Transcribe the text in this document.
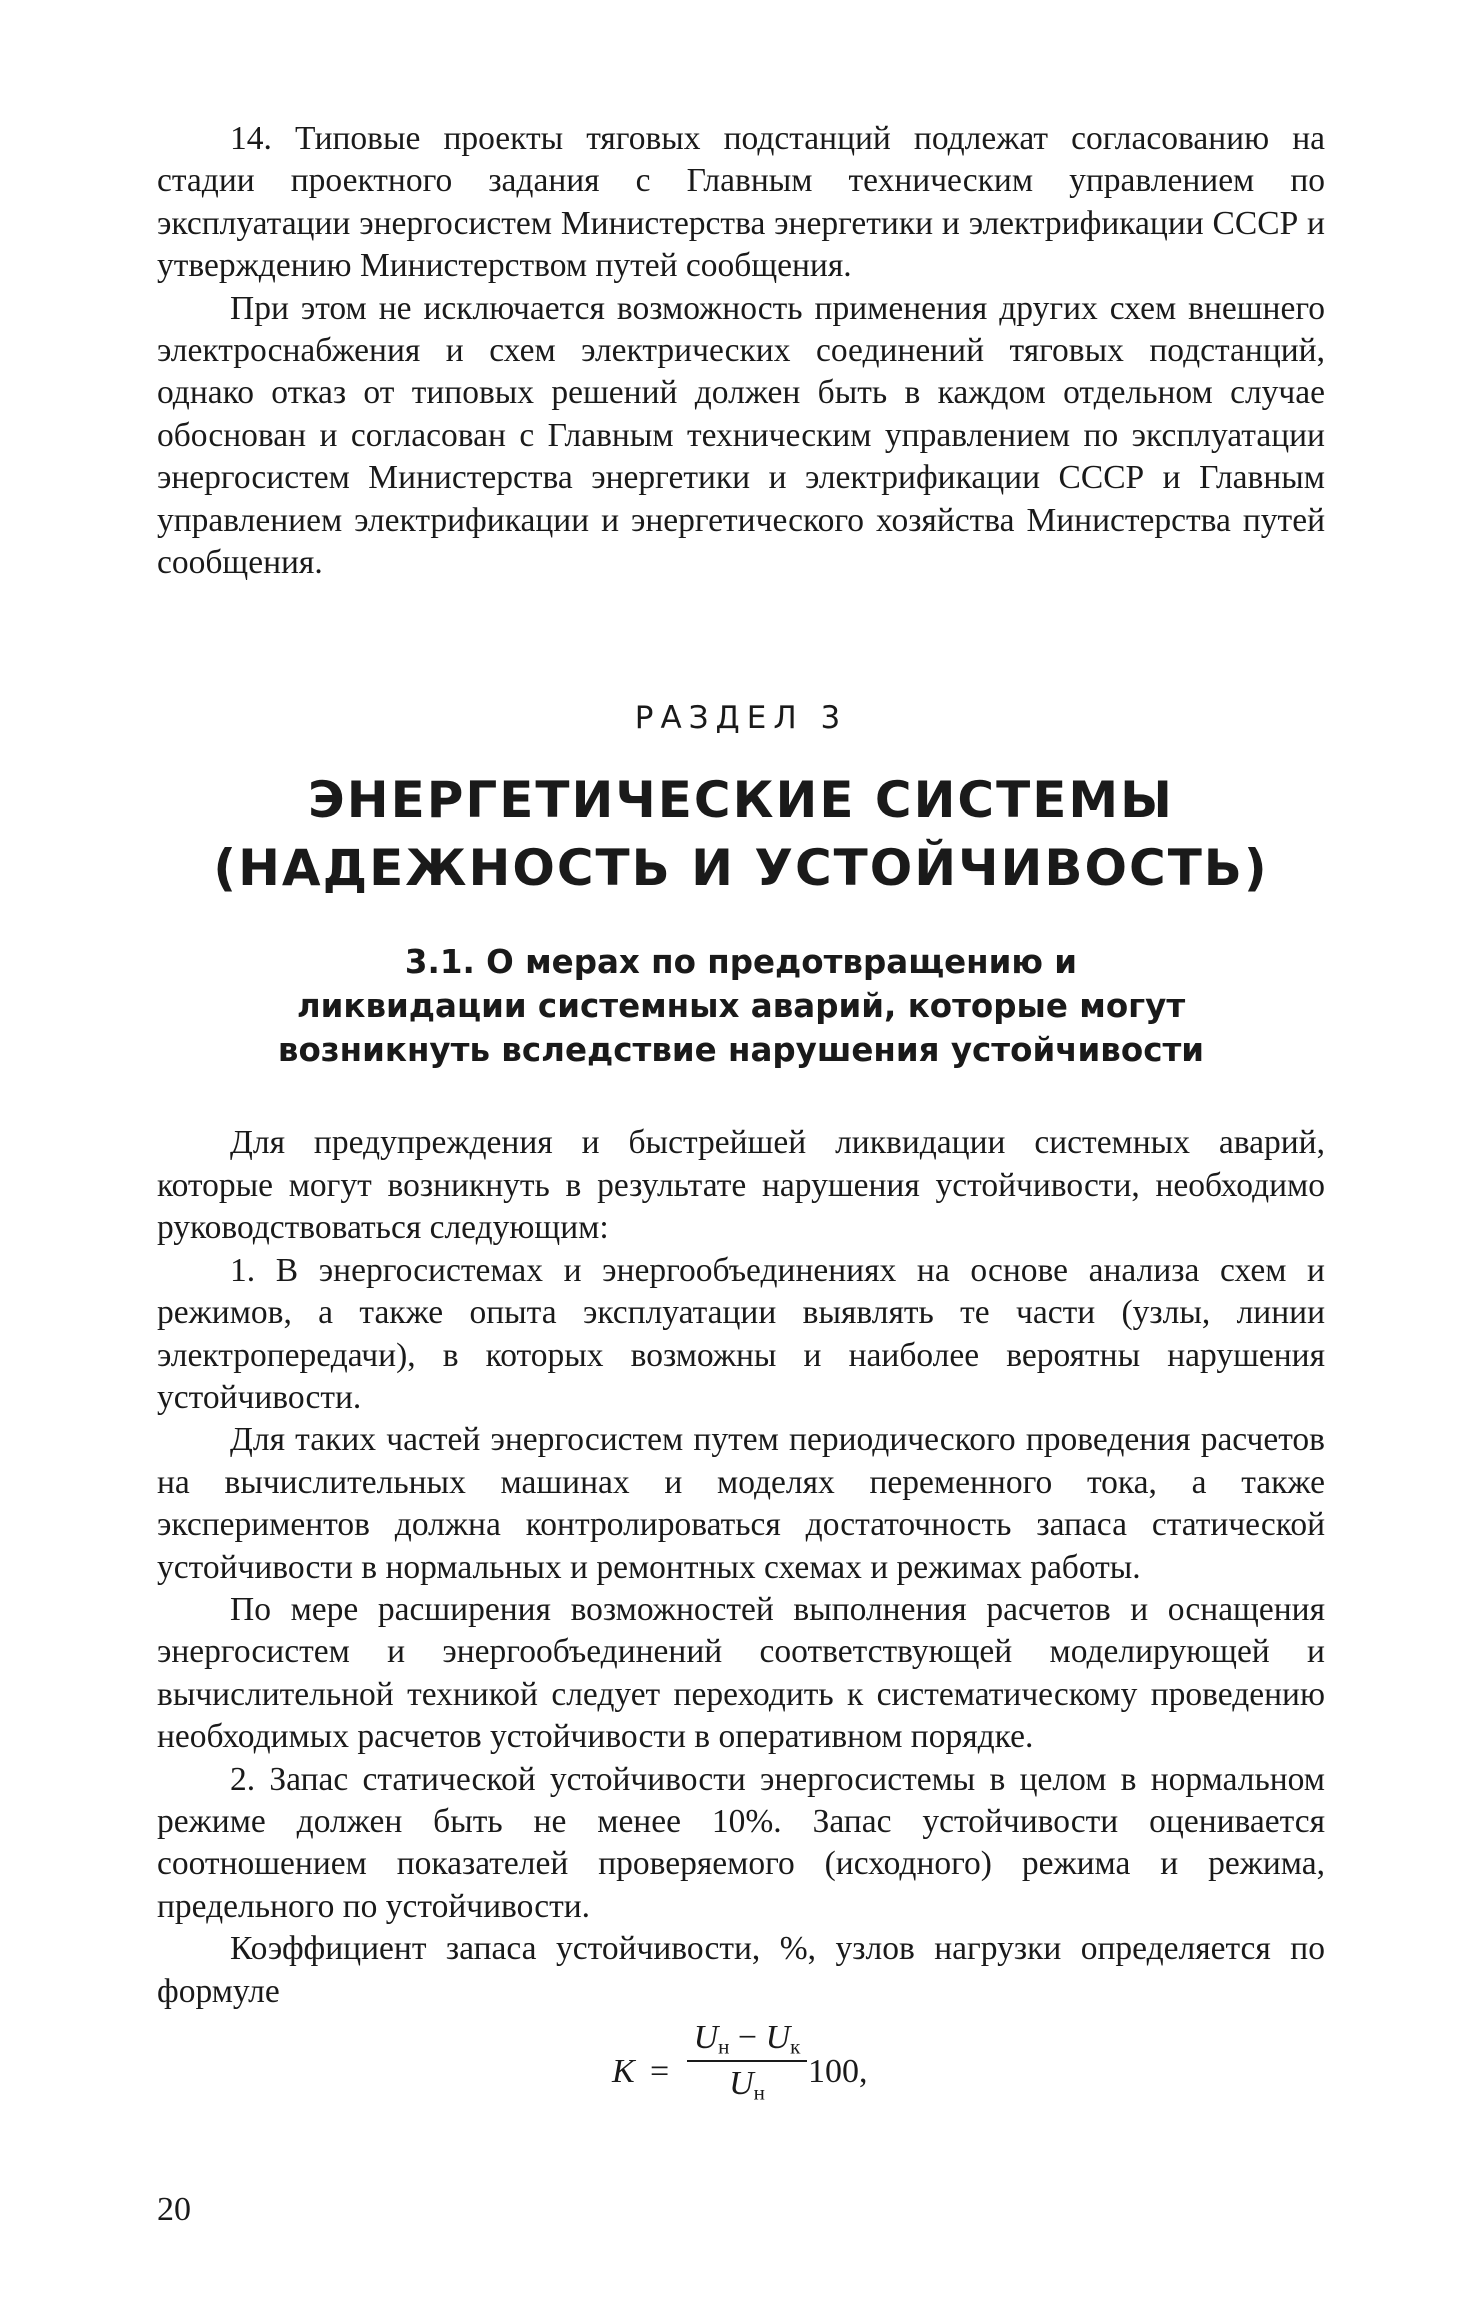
14. Типовые проекты тяговых подстанций подлежат согласованию на стадии проектного задания с Главным техническим управлением по эксплуатации энергосистем Министерства энергетики и электрификации СССР и утверждению Министерством путей сообщения.

При этом не исключается возможность применения других схем внешнего электроснабжения и схем электрических соединений тяговых подстанций, однако отказ от типовых решений должен быть в каждом отдельном случае обоснован и согласован с Главным техническим управлением по эксплуатации энергосистем Министерства энергетики и электрификации СССР и Главным управлением электрификации и энергетического хозяйства Министерства путей сообщения.

РАЗДЕЛ 3

ЭНЕРГЕТИЧЕСКИЕ СИСТЕМЫ

(НАДЕЖНОСТЬ И УСТОЙЧИВОСТЬ)

3.1. О мерах по предотвращению и

ликвидации системных аварий, которые могут

возникнуть вследствие нарушения устойчивости

Для предупреждения и быстрейшей ликвидации системных аварий, которые могут возникнуть в результате нарушения устойчивости, необходимо руководствоваться следующим:

1. В энергосистемах и энергообъединениях на основе анализа схем и режимов, а также опыта эксплуатации выявлять те части (узлы, линии электропередачи), в которых возможны и наиболее вероятны нарушения устойчивости.

Для таких частей энергосистем путем периодического проведения расчетов на вычислительных машинах и моделях переменного тока, а также экспериментов должна контролироваться достаточность запаса статической устойчивости в нормальных и ремонтных схемах и режимах работы.

По мере расширения возможностей выполнения расчетов и оснащения энергосистем и энергообъединений соответствующей моделирующей и вычислительной техникой следует переходить к систематическому проведению необходимых расчетов устойчивости в оперативном порядке.

2. Запас статической устойчивости энергосистемы в целом в нормальном режиме должен быть не менее 10%. Запас устойчивости оценивается соотношением показателей проверяемого (исходного) режима и режима, предельного по устойчивости.

Коэффициент запаса устойчивости, %, узлов нагрузки определяется по формуле

K =
$U_н - U_к$
$U_н$
100,
20
